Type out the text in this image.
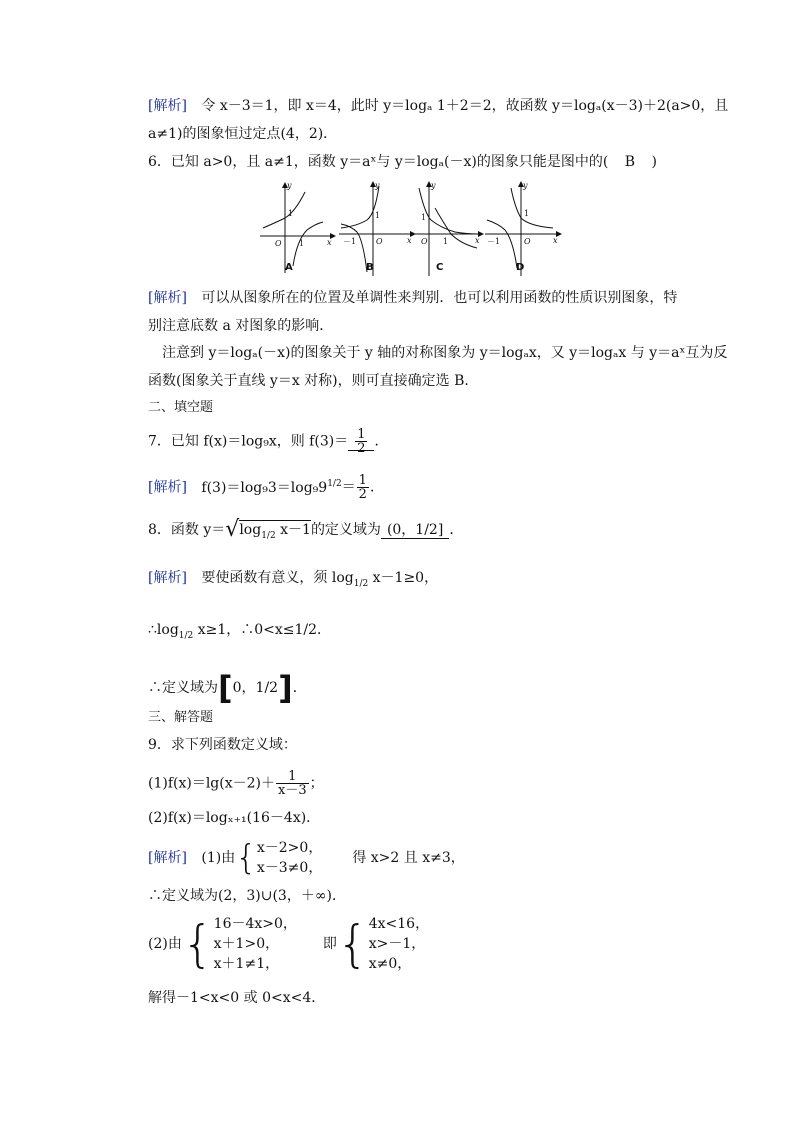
[解析] 令 x－3＝1，即 x＝4，此时 y＝logₐ 1＋2＝2，故函数 y＝logₐ(x－3)＋2(a>0，且
a≠1)的图象恒过定点(4，2)．
6．已知 a>0，且 a≠1，函数 y＝aˣ与 y＝logₐ(－x)的图象只能是图中的( B )
y
1
O 1	x
y
1
－1 O	x
y
1
O 1	x
y
1
－1	O	x
A	B	C	D
[解析] 可以从图象所在的位置及单调性来判别．也可以利用函数的性质识别图象，特
别注意底数 a 对图象的影响．
注意到 y＝logₐ(－x)的图象关于 y 轴的对称图象为 y＝logₐx，又 y＝logₐx 与 y＝aˣ互为反
函数(图象关于直线 y＝x 对称)，则可直接确定选 B．
二、填空题
7．已知 f(x)＝log₉x，则 $f(3)= \frac{1}{2}$ ．
[解析] $f(3)=\log_93=\log_99^{1/2}= \frac{1}{2}$ ．
8．函数 $y=√\log_{1/2}$ x－1的定义域为 (0，1/2] ．
[解析] 要使函数有意义，须 $\log_{1/2} x-1\ge 0$，
$\therefore\log_{1/2}$ x≥1，∴0<x≤1/2．
∴定义域为[0，1/2]．
三、解答题
9．求下列函数定义域：
$(1)f(x)=\lg(x-2)+ \frac{1}{x-3}$ ；
(2)f(x)＝logₓ₊₁(16－4x)．
[解析] (1)由{ x－2>0，
x－3≠0，
得 x>2 且 x≠3，
∴定义域为(2，3)∪(3，＋∞)．
(2)由{ 16－4x>0，
x＋1>0，
x＋1≠1，
即{ 4x<16，
x>－1，
x≠0，
解得－1<x<0 或 0<x<4．
